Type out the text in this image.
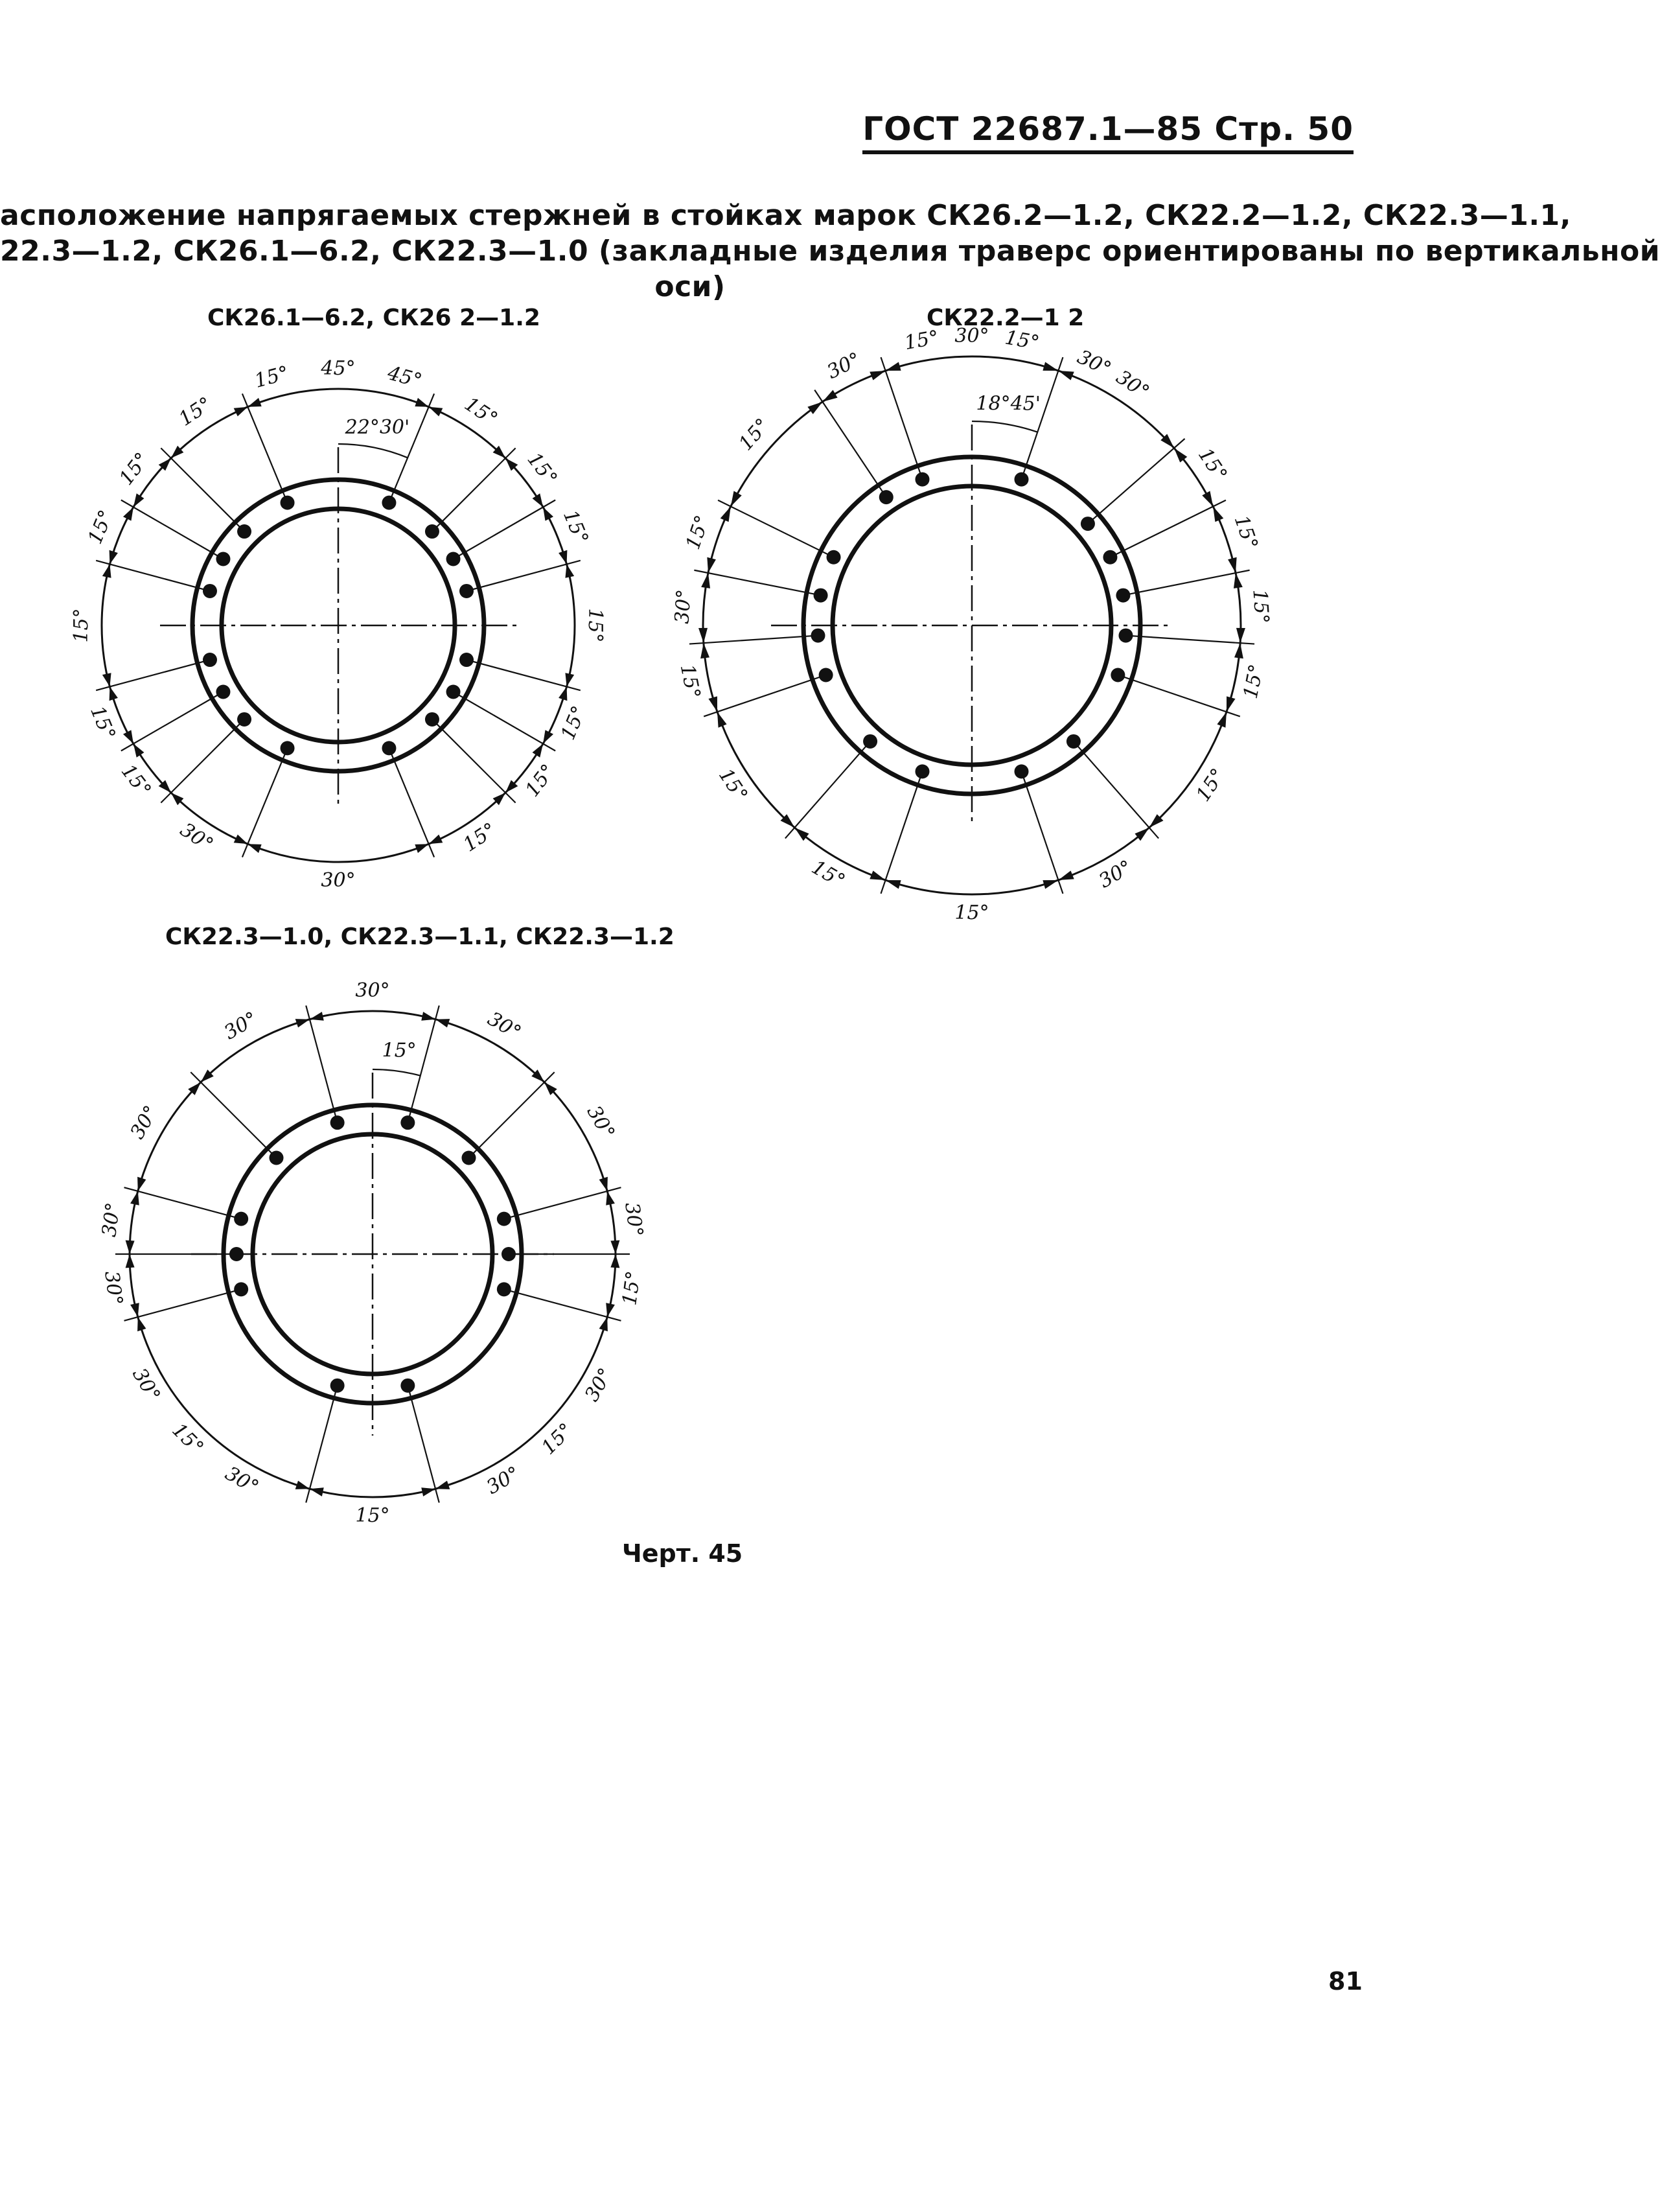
ГОСТ 22687.1—85 Стр. 50
асположение напрягаемых стержней в стойках марок СК26.2—1.2, СК22.2—1.2, СК22.3—1.1,
22.3—1.2, СК26.1—6.2, СК22.3—1.0 (закладные изделия траверс ориентированы по вертикальной
оси)
СК26.1—6.2, СК26 2—1.2	СК22.2—1 2
СК22.3—1.0, СК22.3—1.1, СК22.3—1.2
45°
15°
15°
15°
15°
15°
15°
15°
30°
30°
15°
15°
15°
15°
15°
15°
15°	45°
22°30'
30°
30°
15°
15°
15°
15°
15°
30°
15°
15°
15°
15°
30°
15°
15°
30°
15°	15°
30°
18°45'
30°
30°
30°
30°
15°
15°
15°
15°
30°
30°
30°
30°
30°
30°
30°	30°
15°
Черт. 45
81
